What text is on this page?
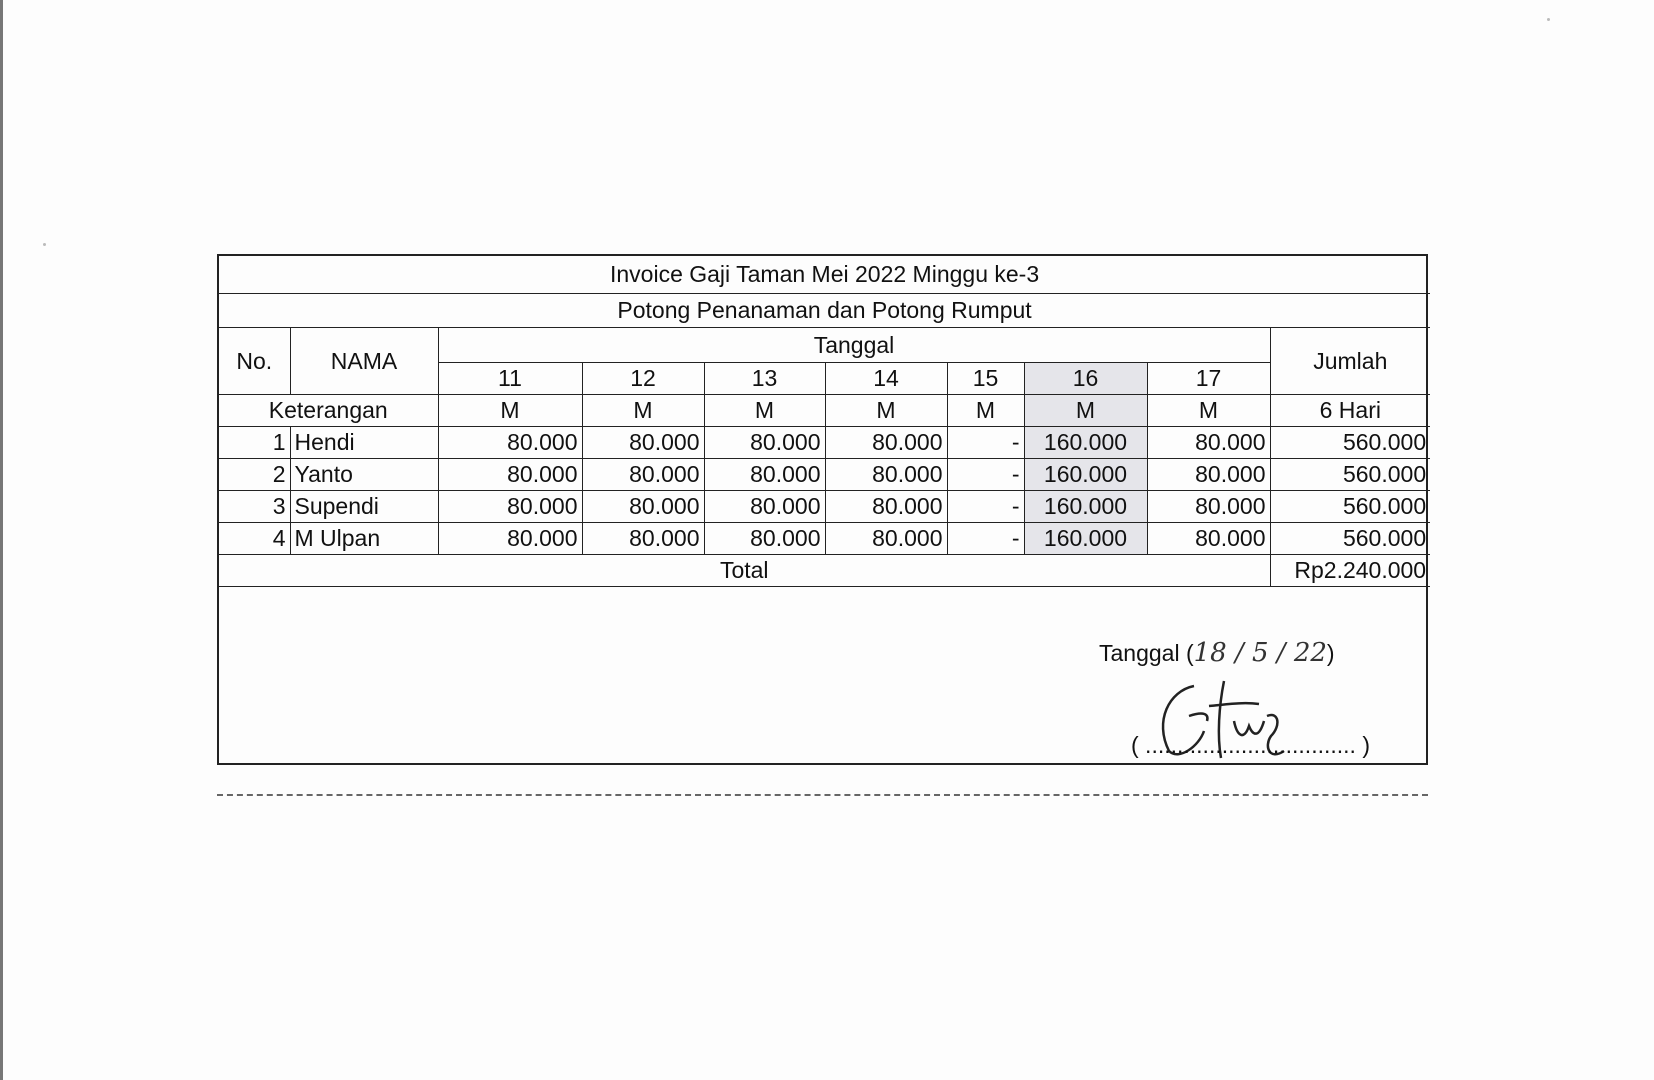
Invoice Gaji Taman Mei 2022 Minggu ke-3									
Potong Penanaman dan Potong Rumput									
No.	NAMA	Tanggal							Jumlah
		11	12	13	14	15	16	17	
Keterangan		M	M	M	M	M	M	M	6 Hari
1	Hendi	80.000	80.000	80.000	80.000	-	160.000	80.000	560.000
2	Yanto	80.000	80.000	80.000	80.000	-	160.000	80.000	560.000
3	Supendi	80.000	80.000	80.000	80.000	-	160.000	80.000	560.000
4	M Ulpan	80.000	80.000	80.000	80.000	-	160.000	80.000	560.000
Total									Rp2.240.000
Tanggal (18 / 5 / 22)
( ................................. )
